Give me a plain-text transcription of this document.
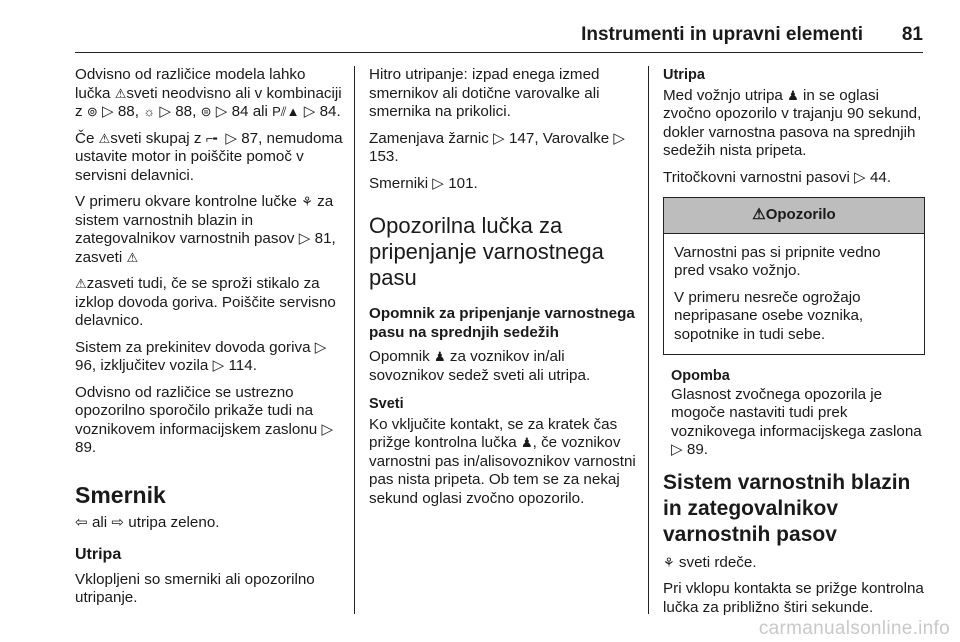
Instrumenti in upravni elementi 81

Odvisno od različice modela lahko lučka ⚠sveti neodvisno ali v kombinaciji z ⊚ ▷ 88, ☼ ▷ 88, ⊜ ▷ 84 ali P⫽▲ ▷ 84.

Če ⚠sveti skupaj z ⌐╸ ▷ 87, nemudoma ustavite motor in poiščite pomoč v servisni delavnici.

V primeru okvare kontrolne lučke ⚘ za sistem varnostnih blazin in zategovalnikov varnostnih pasov ▷ 81, zasveti ⚠

⚠zasveti tudi, če se sproži stikalo za izklop dovoda goriva. Poiščite servisno delavnico.

Sistem za prekinitev dovoda goriva ▷ 96, izključitev vozila ▷ 114.

Odvisno od različice se ustrezno opozorilno sporočilo prikaže tudi na voznikovem informacijskem zaslonu ▷ 89.

Smernik

⇦ ali ⇨ utripa zeleno.

Utripa

Vklopljeni so smerniki ali opozorilno utripanje.

Hitro utripanje: izpad enega izmed smernikov ali dotične varovalke ali smernika na prikolici.

Zamenjava žarnic ▷ 147, Varovalke ▷ 153.

Smerniki ▷ 101.

Opozorilna lučka za pripenjanje varnostnega pasu
Opomnik za pripenjanje varnostnega pasu na sprednjih sedežih

Opomnik ♟ za voznikov in/ali sovoznikov sedež sveti ali utripa.

Sveti

Ko vključite kontakt, se za kratek čas prižge kontrolna lučka ♟, če voznikov varnostni pas in/alisovoznikov varnostni pas nista pripeta. Ob tem se za nekaj sekund oglasi zvočno opozorilo.

Utripa

Med vožnjo utripa ♟ in se oglasi zvočno opozorilo v trajanju 90 sekund, dokler varnostna pasova na sprednjih sedežih nista pripeta.

Tritočkovni varnostni pasovi ▷ 44.

⚠Opozorilo

Varnostni pas si pripnite vedno pred vsako vožnjo.

V primeru nesreče ogrožajo nepripasane osebe voznika, sopotnike in tudi sebe.

Opomba

Glasnost zvočnega opozorila je mogoče nastaviti tudi prek voznikovega informacijskega zaslona ▷ 89.

Sistem varnostnih blazin in zategovalnikov varnostnih pasov

⚘ sveti rdeče.

Pri vklopu kontakta se prižge kontrolna lučka za približno štiri sekunde.

carmanualsonline.info
